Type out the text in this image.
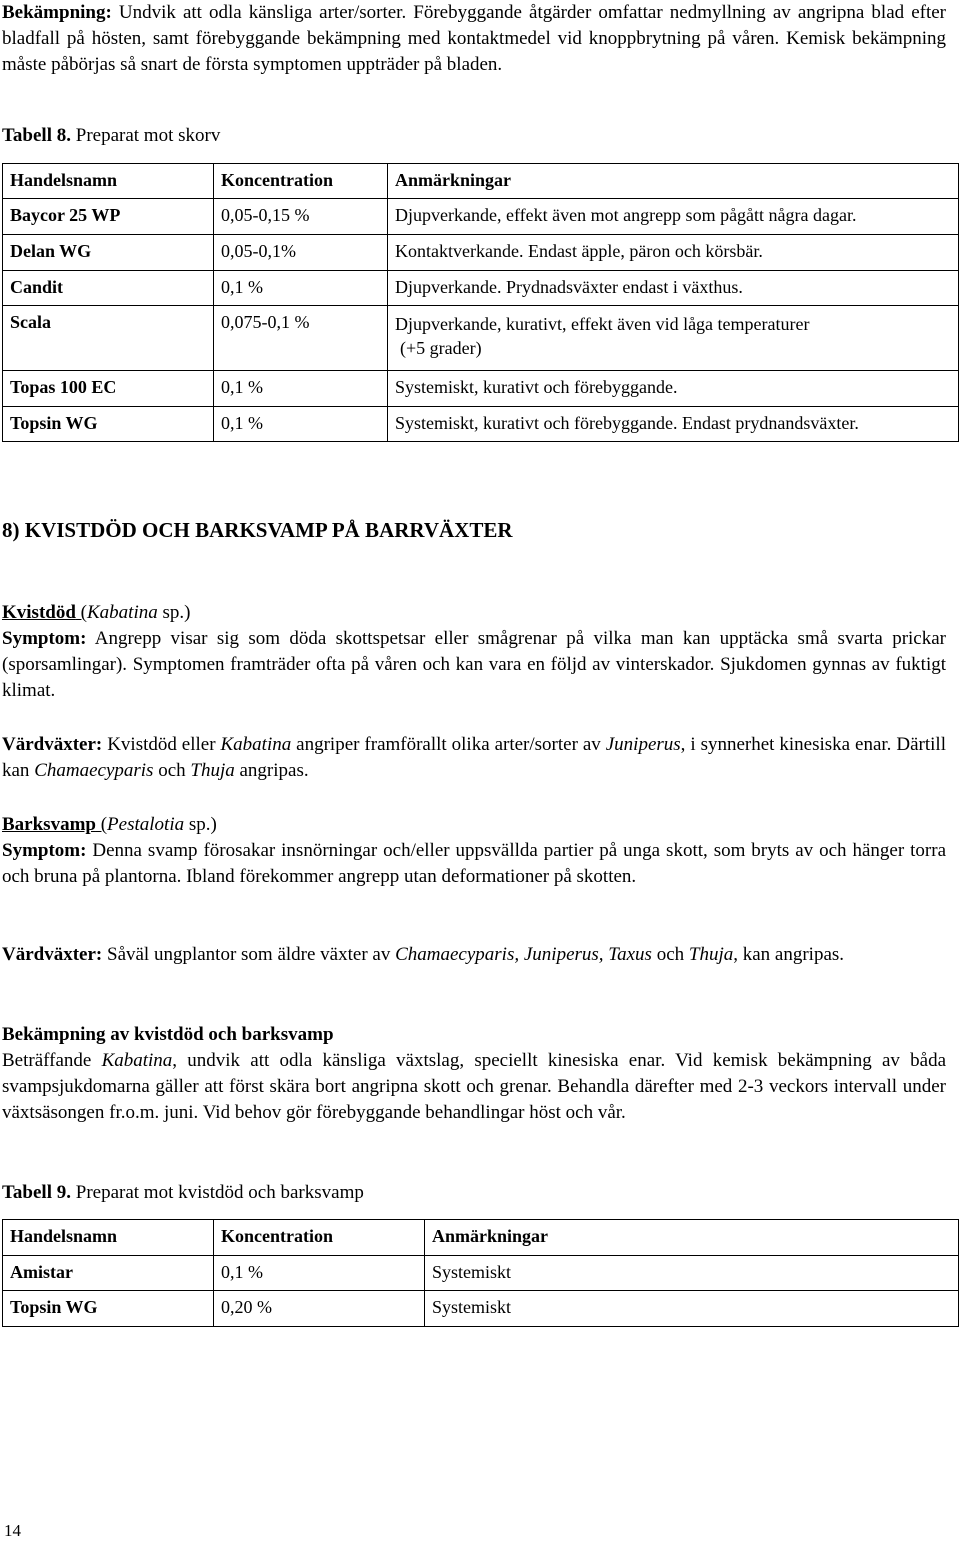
Bekämpning: Undvik att odla känsliga arter/sorter. Förebyggande åtgärder omfattar nedmyllning av angripna blad efter bladfall på hösten, samt förebyggande bekämpning med kontaktmedel vid knoppbrytning på våren. Kemisk bekämpning måste påbörjas så snart de första symptomen uppträder på bladen.

Tabell 8. Preparat mot skorv

Handelsnamn	Koncentration	Anmärkningar
Baycor 25 WP	0,05-0,15 %	Djupverkande, effekt även mot angrepp som pågått några dagar.
Delan WG	0,05-0,1%	Kontaktverkande. Endast äpple, päron och körsbär.
Candit	0,1 %	Djupverkande. Prydnadsväxter endast i växthus.
Scala	0,075-0,1 %	Djupverkande, kurativt, effekt även vid låga temperaturer
(+5 grader)

Topas 100 EC	0,1 %	Systemiskt, kurativt och förebyggande.
Topsin WG	0,1 %	Systemiskt, kurativt och förebyggande. Endast prydnandsväxter.
8) KVISTDÖD OCH BARKSVAMP PÅ BARRVÄXTER

Kvistdöd (Kabatina sp.)
Symptom: Angrepp visar sig som döda skottspetsar eller smågrenar på vilka man kan upptäcka små svarta prickar (sporsamlingar). Symptomen framträder ofta på våren och kan vara en följd av vinterskador. Sjukdomen gynnas av fuktigt klimat.

Värdväxter: Kvistdöd eller Kabatina angriper framförallt olika arter/sorter av Juniperus, i synnerhet kinesiska enar. Därtill kan Chamaecyparis och Thuja angripas.

Barksvamp (Pestalotia sp.)
Symptom: Denna svamp förosakar insnörningar och/eller uppsvällda partier på unga skott, som bryts av och hänger torra och bruna på plantorna. Ibland förekommer angrepp utan deformationer på skotten.

Värdväxter: Såväl ungplantor som äldre växter av Chamaecyparis, Juniperus, Taxus och Thuja, kan angripas.

Bekämpning av kvistdöd och barksvamp
Beträffande Kabatina, undvik att odla känsliga växtslag, speciellt kinesiska enar. Vid kemisk bekämpning av båda svampsjukdomarna gäller att först skära bort angripna skott och grenar. Behandla därefter med 2-3 veckors intervall under växtsäsongen fr.o.m. juni. Vid behov gör förebyggande behandlingar höst och vår.

Tabell 9. Preparat mot kvistdöd och barksvamp

Handelsnamn	Koncentration	Anmärkningar
Amistar	0,1 %	Systemiskt
Topsin WG	0,20 %	Systemiskt
14
